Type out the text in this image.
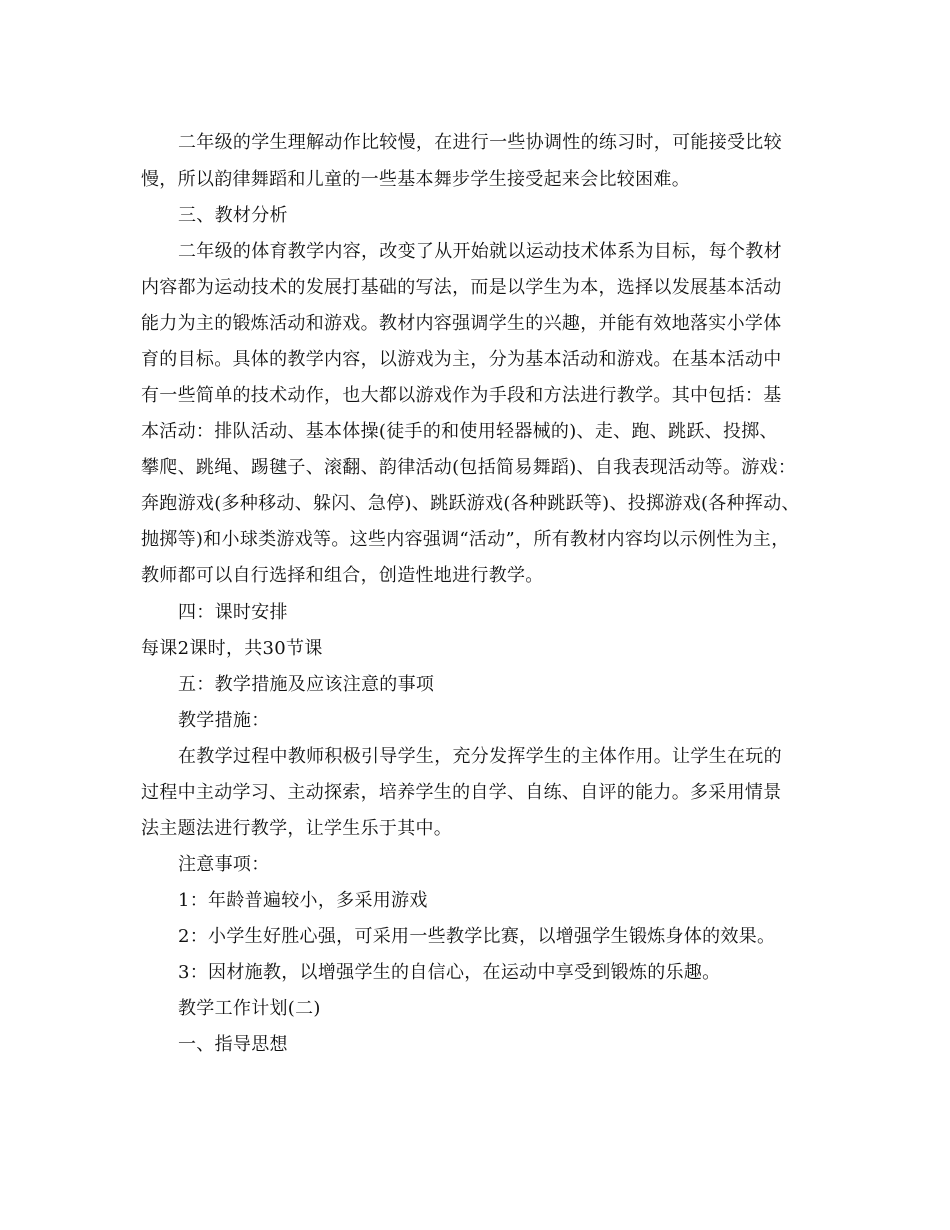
二年级的学生理解动作比较慢，在进行一些协调性的练习时，可能接受比较
慢，所以韵律舞蹈和儿童的一些基本舞步学生接受起来会比较困难。
三、教材分析
二年级的体育教学内容，改变了从开始就以运动技术体系为目标，每个教材
内容都为运动技术的发展打基础的写法，而是以学生为本，选择以发展基本活动
能力为主的锻炼活动和游戏。教材内容强调学生的兴趣，并能有效地落实小学体
育的目标。具体的教学内容，以游戏为主，分为基本活动和游戏。在基本活动中
有一些简单的技术动作，也大都以游戏作为手段和方法进行教学。其中包括：基
本活动：排队活动、基本体操(徒手的和使用轻器械的)、走、跑、跳跃、投掷、
攀爬、跳绳、踢毽子、滚翻、韵律活动(包括简易舞蹈)、自我表现活动等。游戏：
奔跑游戏(多种移动、躲闪、急停)、跳跃游戏(各种跳跃等)、投掷游戏(各种挥动、
抛掷等)和小球类游戏等。这些内容强调“活动”，所有教材内容均以示例性为主，
教师都可以自行选择和组合，创造性地进行教学。
四：课时安排
每课2课时，共30节课
五：教学措施及应该注意的事项
教学措施：
在教学过程中教师积极引导学生，充分发挥学生的主体作用。让学生在玩的
过程中主动学习、主动探索，培养学生的自学、自练、自评的能力。多采用情景
法主题法进行教学，让学生乐于其中。
注意事项：
1：年龄普遍较小，多采用游戏
2：小学生好胜心强，可采用一些教学比赛，以增强学生锻炼身体的效果。
3：因材施教，以增强学生的自信心，在运动中享受到锻炼的乐趣。
教学工作计划(二)
一、指导思想
